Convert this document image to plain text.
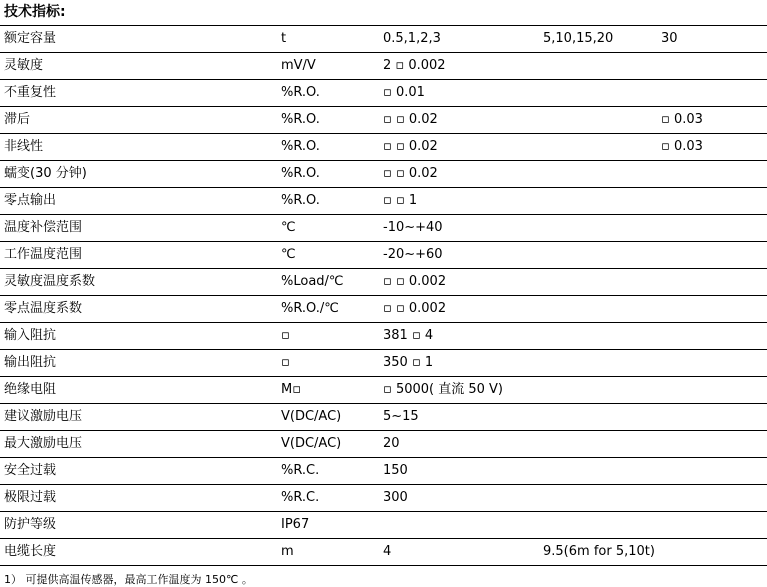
技术指标:
额定容量	t	0.5,1,2,3	5,10,15,20	30
灵敏度	mV/V	2 ▫ 0.002		
不重复性	%R.O.	▫ 0.01		
滞后	%R.O.	▫ ▫ 0.02		▫ 0.03
非线性	%R.O.	▫ ▫ 0.02		▫ 0.03
蠕变(30 分钟)	%R.O.	▫ ▫ 0.02		
零点输出	%R.O.	▫ ▫ 1		
温度补偿范围	℃	-10~+40		
工作温度范围	℃	-20~+60		
灵敏度温度系数	%Load/℃	▫ ▫ 0.002		
零点温度系数	%R.O./℃	▫ ▫ 0.002		
输入阻抗	▫	381 ▫ 4		
输出阻抗	▫	350 ▫ 1		
绝缘电阻	M▫	▫ 5000( 直流 50 V)		
建议激励电压	V(DC/AC)	5~15		
最大激励电压	V(DC/AC)	20		
安全过载	%R.C.	150		
极限过载	%R.C.	300		
防护等级	IP67			
电缆长度	m	4	9.5(6m for 5,10t)	
1） 可提供高温传感器，最高工作温度为 150℃ 。
